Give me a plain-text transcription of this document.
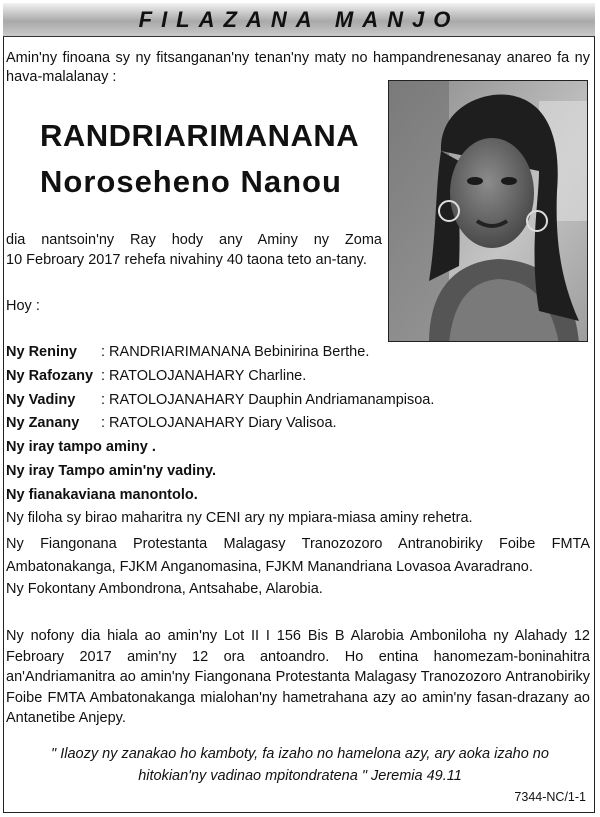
FILAZANA MANJO
Amin'ny finoana sy ny fitsanganan'ny tenan'ny maty no hampandrenesanay anareo fa ny hava-malalanay :
RANDRIARIMANANA
Noroseheno Nanou
dia nantsoin'ny Ray hody any Aminy ny Zoma
10 Febroary 2017 rehefa nivahiny 40 taona teto an-tany.
Hoy :
Ny Reniny : RANDRIARIMANANA Bebinirina Berthe.
Ny Rafozany : RATOLOJANAHARY Charline.
Ny Vadiny : RATOLOJANAHARY Dauphin Andriamanampisoa.
Ny Zanany : RATOLOJANAHARY Diary Valisoa.
Ny iray tampo aminy .
Ny iray Tampo amin'ny vadiny.
Ny fianakaviana manontolo.
Ny filoha sy birao maharitra ny CENI ary ny mpiara-miasa aminy rehetra.
Ny Fiangonana Protestanta Malagasy Tranozozoro Antranobiriky Foibe FMTA Ambatonakanga, FJKM Anganomasina, FJKM Manandriana Lovasoa Avaradrano.
Ny Fokontany Ambondrona, Antsahabe, Alarobia.
Ny nofony dia hiala ao amin'ny Lot II I 156 Bis B Alarobia Amboniloha ny Alahady 12 Febroary 2017 amin'ny 12 ora antoandro. Ho entina hanomezam-boninahitra an'Andriamanitra ao amin'ny Fiangonana Protestanta Malagasy Tranozozoro Antranobiriky Foibe FMTA Ambatonakanga mialohan'ny hametrahana azy ao amin'ny fasan-drazany ao Antanetibe Anjepy.
" Ilaozy ny zanakao ho kamboty, fa izaho no hamelona azy, ary aoka izaho no
hitokian'ny vadinao mpitondratena " Jeremia 49.11
7344-NC/1-1
